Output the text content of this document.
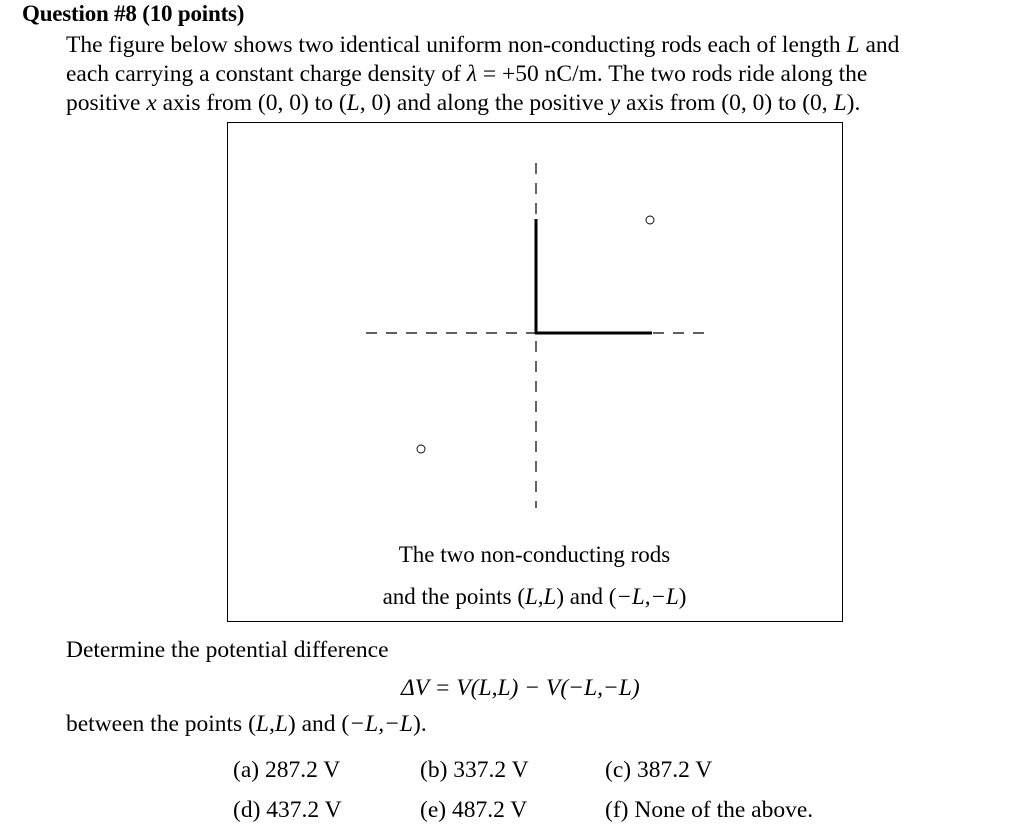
Question #8 (10 points)
The figure below shows two identical uniform non-conducting rods each of length L and
each carrying a constant charge density of λ = +50 nC/m. The two rods ride along the
positive x axis from (0, 0) to (L, 0) and along the positive y axis from (0, 0) to (0, L).
The two non-conducting rods
and the points (L,L) and (−L,−L)
Determine the potential difference
ΔV = V(L,L) − V(−L,−L)
between the points (L,L) and (−L,−L).
(a) 287.2 V	(b) 337.2 V	(c) 387.2 V
(d) 437.2 V	(e) 487.2 V	(f) None of the above.
